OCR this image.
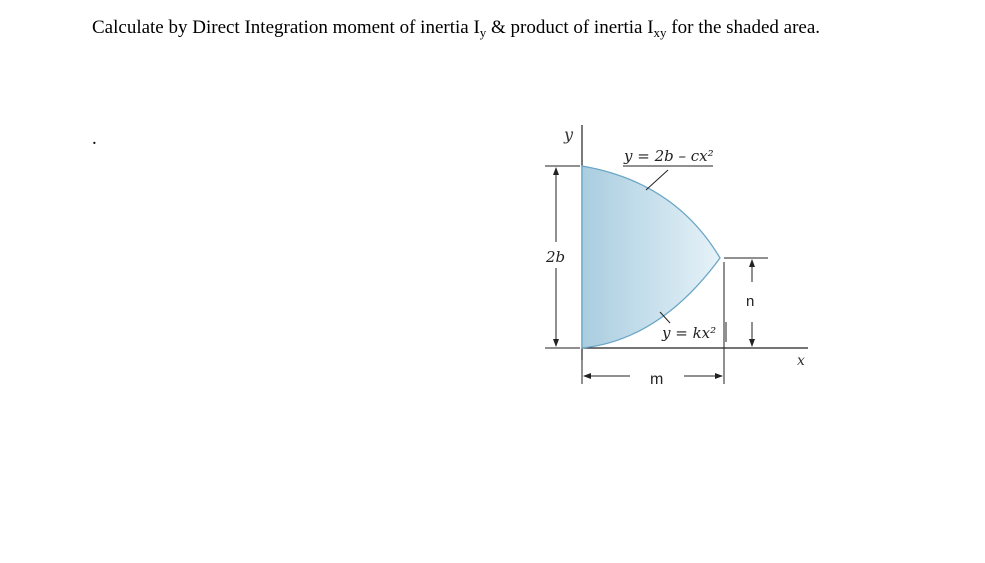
Calculate by Direct Integration moment of inertia $I_y$ & product of inertia $I_{xy}$ for the shaded area.
.	y
x
y = 2b – cx²
y = kx²
2b
m
n
